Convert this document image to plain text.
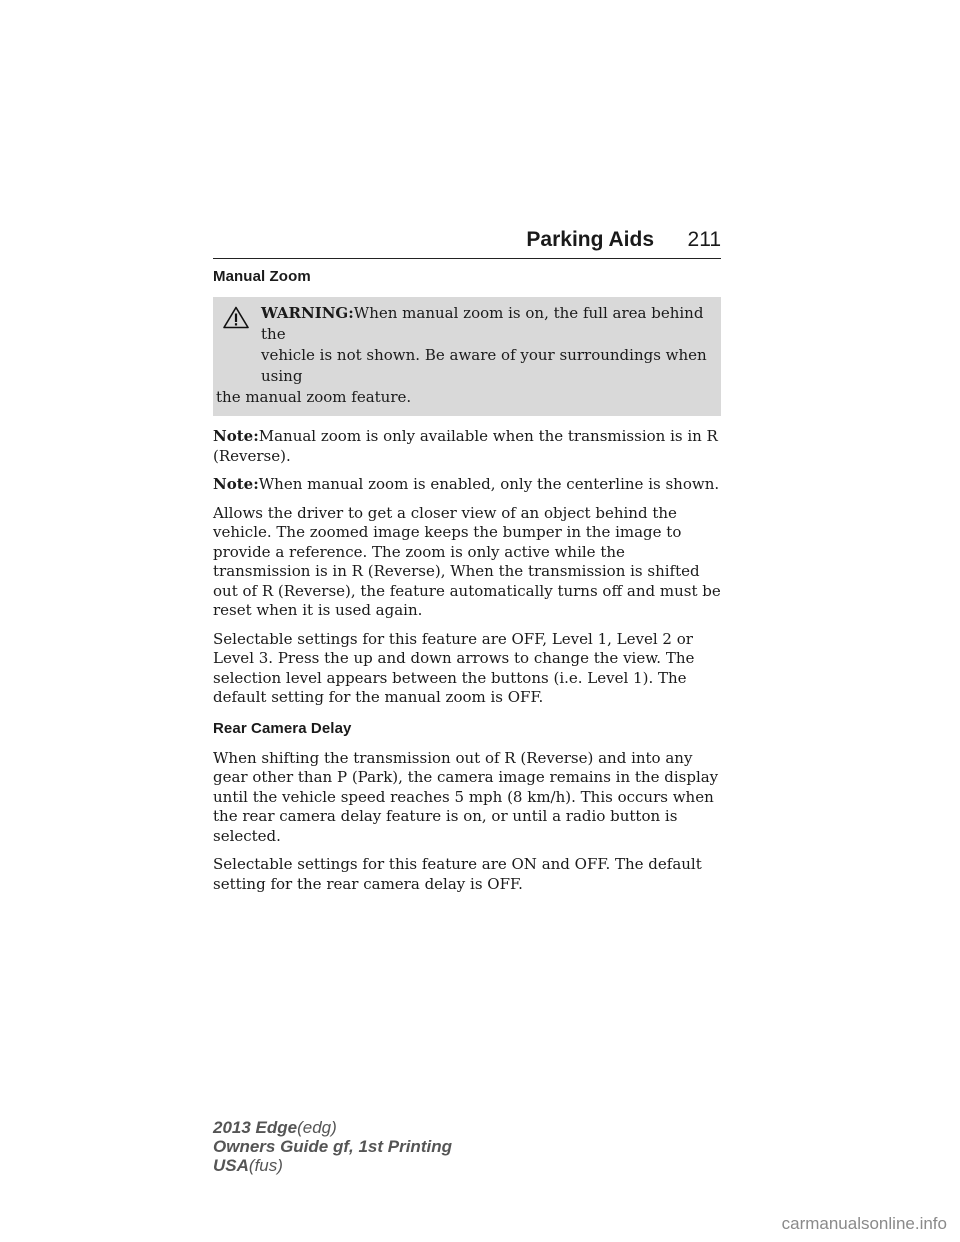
Parking Aids 211
Manual Zoom
WARNING:When manual zoom is on, the full area behind the
vehicle is not shown. Be aware of your surroundings when using
the manual zoom feature.

Note:Manual zoom is only available when the transmission is in R (Reverse).

Note:When manual zoom is enabled, only the centerline is shown.

Allows the driver to get a closer view of an object behind the vehicle. The zoomed image keeps the bumper in the image to provide a reference. The zoom is only active while the transmission is in R (Reverse), When the transmission is shifted out of R (Reverse), the feature automatically turns off and must be reset when it is used again.

Selectable settings for this feature are OFF, Level 1, Level 2 or Level 3. Press the up and down arrows to change the view. The selection level appears between the buttons (i.e. Level 1). The default setting for the manual zoom is OFF.

Rear Camera Delay

When shifting the transmission out of R (Reverse) and into any gear other than P (Park), the camera image remains in the display until the vehicle speed reaches 5 mph (8 km/h). This occurs when the rear camera delay feature is on, or until a radio button is selected.

Selectable settings for this feature are ON and OFF. The default setting for the rear camera delay is OFF.

2013 Edge(edg)
Owners Guide gf, 1st Printing
USA(fus)
carmanualsonline.info
